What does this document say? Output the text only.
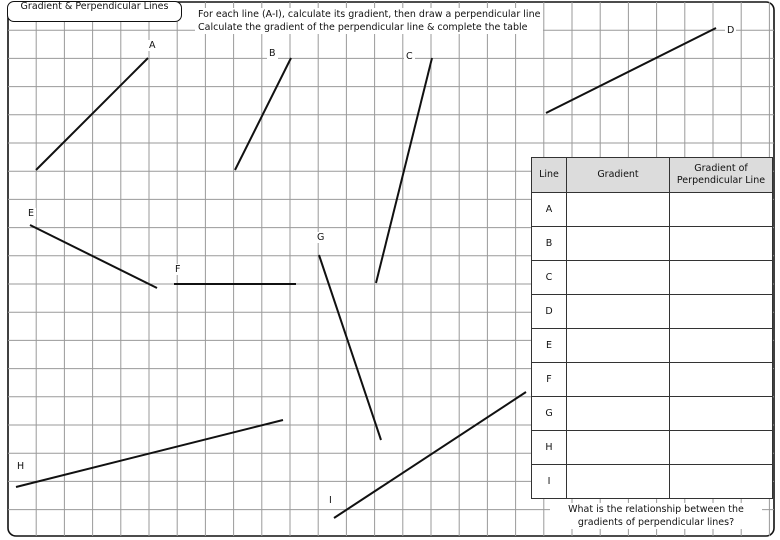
Gradient & Perpendicular Lines
For each line (A-I), calculate its gradient, then draw a perpendicular line
Calculate the gradient of the perpendicular line & complete the table
A
B	C
D
E
F
G
H
I
Line	Gradient	Gradient of Perpendicular Line
A		
B		
C		
D		
E		
F		
G		
H		
I		
What is the relationship between the gradients of perpendicular lines?
